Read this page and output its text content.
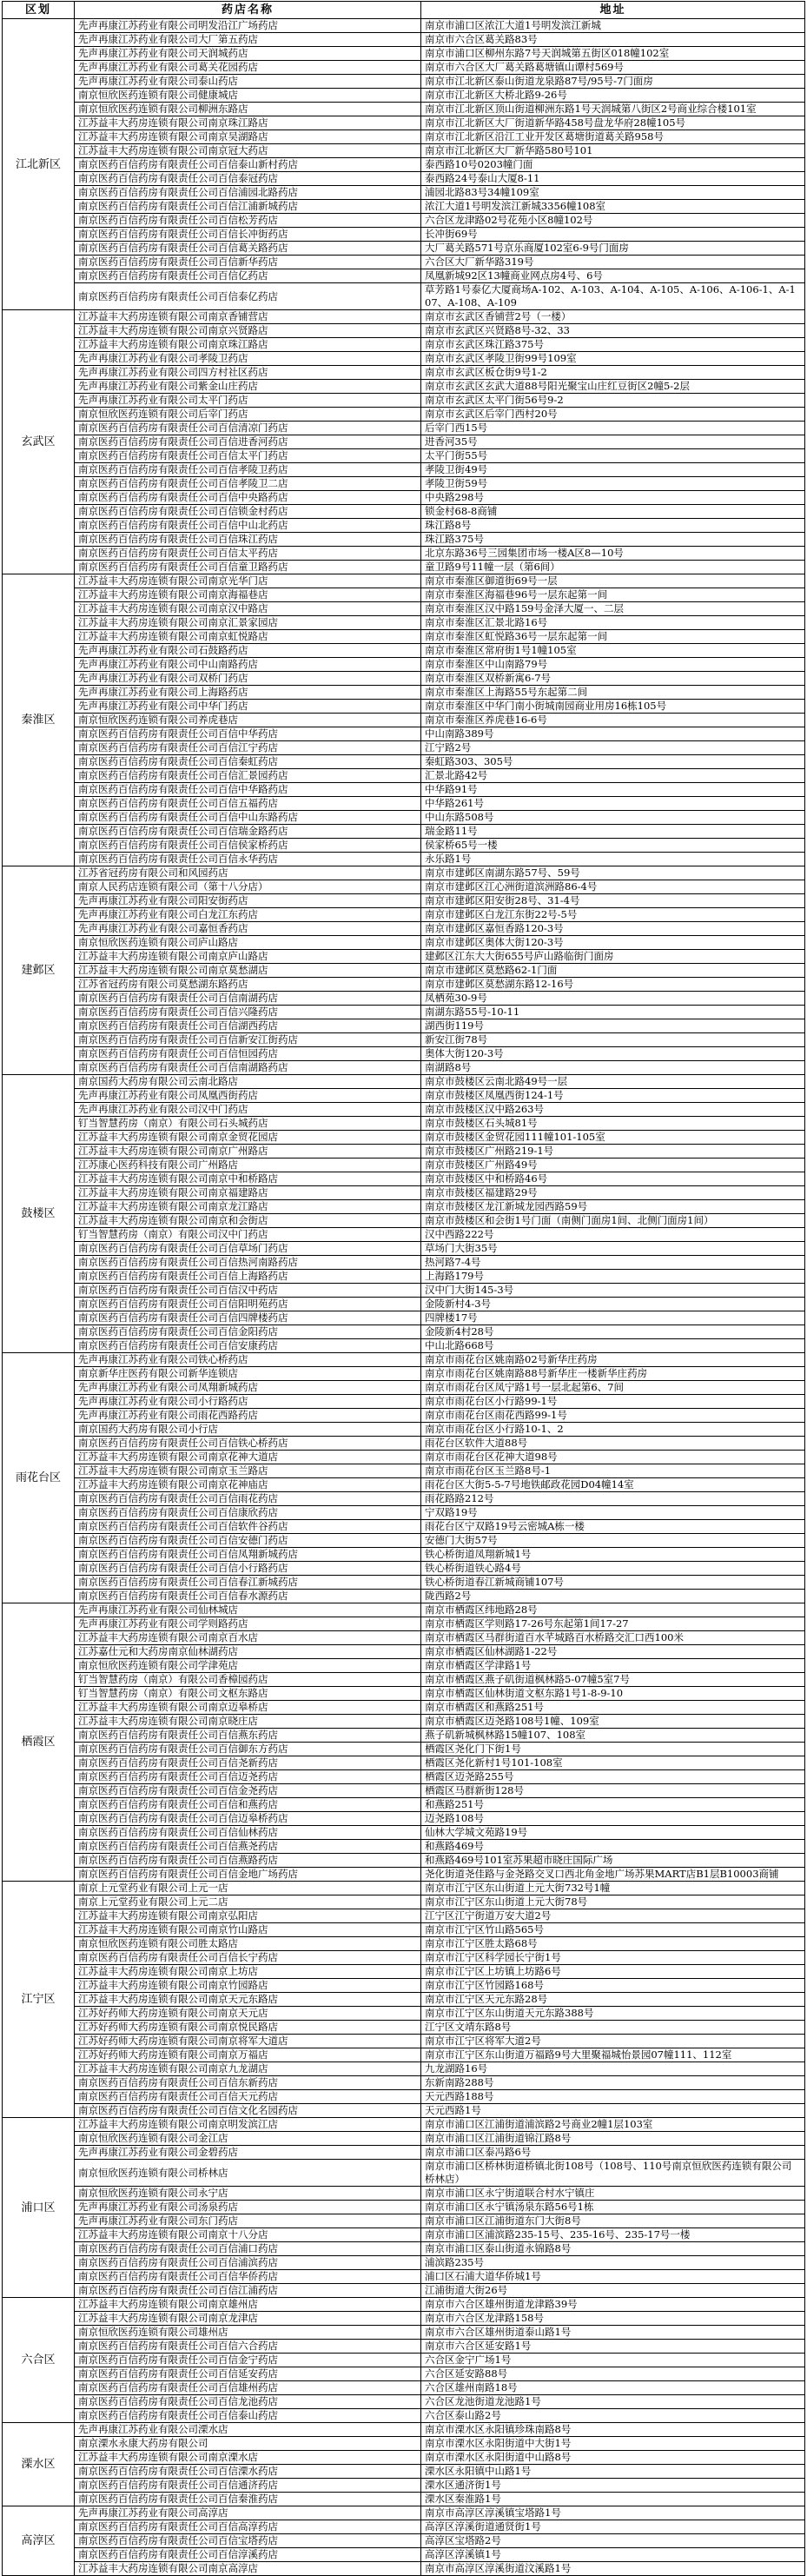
区划	药店名称	地址
江北新区	先声再康江苏药业有限公司明发沿江广场药店	南京市浦口区浓江大道1号明发滨江新城
	先声再康江苏药业有限公司大厂第五药店	南京市六合区葛关路83号
	先声再康江苏药业有限公司天润城药店	南京市浦口区柳州东路7号天润城第五街区018幢102室
	先声再康江苏药业有限公司葛关花园药店	南京市六合区大厂葛关路葛塘镇山谭村569号
	先声再康江苏药业有限公司泰山药店	南京市江北新区泰山街道龙泉路87号/95号-7门面房
	南京恒欣医药连锁有限公司健康城店	南京市江北新区大桥北路9-26号
	南京恒欣医药连锁有限公司柳洲东路店	南京市江北新区顶山街道柳洲东路1号天润城第八街区2号商业综合楼101室
	江苏益丰大药房连锁有限公司南京珠江路店	南京市江北新区大厂街道新华路458号盘龙华府28幢105号
	江苏益丰大药房连锁有限公司南京吴湖路店	南京市江北新区沿江工业开发区葛塘街道葛关路958号
	江苏益丰大药房连锁有限公司南京冠大药店	南京市江北新区大厂新华路580号101
	南京医药百信药房有限责任公司百信泰山新村药店	泰西路10号0203幢门面
	南京医药百信药房有限责任公司百信泰冠药店	泰西路24号泰山大厦8-11
	南京医药百信药房有限责任公司百信浦园北路药店	浦园北路83号34幢109室
	南京医药百信药房有限责任公司百信江浦新城药店	浓江大道1号明发滨江新城3356幢108室
	南京医药百信药房有限责任公司百信松芳药店	六合区龙津路02号花苑小区8幢102号
	南京医药百信药房有限责任公司百信长冲街药店	长冲街69号
	南京医药百信药房有限责任公司百信葛关路药店	大厂葛关路571号京乐商厦102室6-9号门面房
	南京医药百信药房有限责任公司百信新华药店	六合区大厂新华路319号
	南京医药百信药房有限责任公司百信亿药店	凤凰新城92区13幢商业网点房4号、6号
	南京医药百信药房有限责任公司百信泰亿药店	草芳路1号泰亿大厦商场A-102、A-103、A-104、A-105、A-106、A-106-1、A-107、A-108、A-109
玄武区	江苏益丰大药房连锁有限公司南京香铺营店	南京市玄武区香铺营2号（一楼）
	江苏益丰大药房连锁有限公司南京兴贤路店	南京市玄武区兴贤路8号-32、33
	江苏益丰大药房连锁有限公司南京珠江路店	南京市玄武区珠江路375号
	先声再康江苏药业有限公司孝陵卫药店	南京市玄武区孝陵卫街99号109室
	先声再康江苏药业有限公司四方村社区药店	南京市玄武区板仓街9号1-2
	先声再康江苏药业有限公司紫金山庄药店	南京市玄武区玄武大道88号阳光聚宝山庄红豆街区2幢5-2层
	先声再康江苏药业有限公司太平门药店	南京市玄武区太平门街56号9-2
	南京恒欣医药连锁有限公司后宰门药店	南京市玄武区后宰门西村20号
	南京医药百信药房有限责任公司百信清凉门药店	后宰门西15号
	南京医药百信药房有限责任公司百信进香河药店	进香河35号
	南京医药百信药房有限责任公司百信太平门药店	太平门街55号
	南京医药百信药房有限责任公司百信孝陵卫药店	孝陵卫街49号
	南京医药百信药房有限责任公司百信孝陵卫二店	孝陵卫街59号
	南京医药百信药房有限责任公司百信中央路药店	中央路298号
	南京医药百信药房有限责任公司百信锁金村药店	锁金村68-8商铺
	南京医药百信药房有限责任公司百信中山北药店	珠江路8号
	南京医药百信药房有限责任公司百信珠江药店	珠江路375号
	南京医药百信药房有限责任公司百信太平药店	北京东路36号三园集团市场一楼A区8—10号
	南京医药百信药房有限责任公司百信童卫路药店	童卫路9号11幢一层（第6间）
秦淮区	江苏益丰大药房连锁有限公司南京光华门店	南京市秦淮区御道街69号一层
	江苏益丰大药房连锁有限公司南京海福巷店	南京市秦淮区海福巷96号一层东起第一间
	江苏益丰大药房连锁有限公司南京汉中路店	南京市秦淮区汉中路159号金泽大厦一、二层
	江苏益丰大药房连锁有限公司南京汇景家园店	南京市秦淮区汇景北路16号
	江苏益丰大药房连锁有限公司南京虹悦路店	南京市秦淮区虹悦路36号一层东起第一间
	先声再康江苏药业有限公司石鼓路药店	南京市秦淮区常府街1号1幢105室
	先声再康江苏药业有限公司中山南路药店	南京市秦淮区中山南路79号
	先声再康江苏药业有限公司双桥门药店	南京市秦淮区双桥新寓6-7号
	先声再康江苏药业有限公司上海路药店	南京市秦淮区上海路55号东起第二间
	先声再康江苏药业有限公司中华门药店	南京市秦淮区中华门南小街城南园商业用房16栋105号
	南京恒欣医药连锁有限公司养虎巷店	南京市秦淮区养虎巷16-6号
	南京医药百信药房有限责任公司百信中华药店	中山南路389号
	南京医药百信药房有限责任公司百信江宁药店	江宁路2号
	南京医药百信药房有限责任公司百信秦虹药店	秦虹路303、305号
	南京医药百信药房有限责任公司百信汇景园药店	汇景北路42号
	南京医药百信药房有限责任公司百信中华路药店	中华路91号
	南京医药百信药房有限责任公司百信五福药店	中华路261号
	南京医药百信药房有限责任公司百信中山东路药店	中山东路508号
	南京医药百信药房有限责任公司百信瑞金路药店	瑞金路11号
	南京医药百信药房有限责任公司百信侯家桥药店	侯家桥65号一楼
	南京医药百信药房有限责任公司百信永华药店	永乐路1号
建邺区	江苏省冠药房有限公司和风园药店	南京市建邺区南湖东路57号、59号
	南京人民药店连锁有限公司（第十八分店）	南京市建邺区江心洲街道滨洲路86-4号
	先声再康江苏药业有限公司阳安街药店	南京市建邺区阳安街28号、31-4号
	先声再康江苏药业有限公司白龙江东药店	南京市建邺区白龙江东街22号-5号
	先声再康江苏药业有限公司嘉恒香药店	南京市建邺区嘉恒香路120-3号
	南京恒欣医药连锁有限公司庐山路店	南京市建邺区奥体大街120-3号
	江苏益丰大药房连锁有限公司南京庐山路店	建邺区江东大大街655号庐山路临街门面房
	江苏益丰大药房连锁有限公司南京莫愁湖店	南京市建邺区莫愁路62-1门面
	江苏省冠药房有限公司莫愁湖东路药店	南京市建邺区莫愁湖东路12-16号
	南京医药百信药房有限责任公司百信南湖药店	凤栖苑30-9号
	南京医药百信药房有限责任公司百信兴隆药店	南湖东路55号-10-11
	南京医药百信药房有限责任公司百信湖西药店	湖西街119号
	南京医药百信药房有限责任公司百信新安江街药店	新安江街78号
	南京医药百信药房有限责任公司百信恒园药店	奥体大街120-3号
	南京医药百信药房有限责任公司百信南湖路药店	南湖路8号
鼓楼区	南京国药大药房有限公司云南北路店	南京市鼓楼区云南北路49号一层
	先声再康江苏药业有限公司凤凰西街药店	南京市鼓楼区凤凰西街124-1号
	先声再康江苏药业有限公司汉中门药店	南京市鼓楼区汉中路263号
	钉当智慧药房（南京）有限公司石头城药店	南京市鼓楼区石头城81号
	江苏益丰大药房连锁有限公司南京金贸花园店	南京市鼓楼区金贸花园111幢101-105室
	江苏益丰大药房连锁有限公司南京广州路店	南京市鼓楼区广州路219-1号
	江苏康心医药科技有限公司广州路店	南京市鼓楼区广州路49号
	江苏益丰大药房连锁有限公司南京中和桥路店	南京市鼓楼区中和桥路46号
	江苏益丰大药房连锁有限公司南京福建路店	南京市鼓楼区福建路29号
	江苏益丰大药房连锁有限公司南京龙江路店	南京市鼓楼区龙江新城龙园西路59号
	江苏益丰大药房连锁有限公司南京和会街店	南京市鼓楼区和会街1号门面（南侧门面房1间、北侧门面房1间）
	钉当智慧药房（南京）有限公司汉中门药店	汉中西路222号
	南京医药百信药房有限责任公司百信草场门药店	草场门大街35号
	南京医药百信药房有限责任公司百信热河南路药店	热河路7-4号
	南京医药百信药房有限责任公司百信上海路药店	上海路179号
	南京医药百信药房有限责任公司百信汉中药店	汉中门大街145-3号
	南京医药百信药房有限责任公司百信阳明苑药店	金陵新村4-3号
	南京医药百信药房有限责任公司百信四牌楼药店	四牌楼17号
	南京医药百信药房有限责任公司百信金阳药店	金陵新4村28号
	南京医药百信药房有限责任公司百信安康药店	中山北路668号
雨花台区	先声再康江苏药业有限公司铁心桥药店	南京市雨花台区姚南路02号新华庄药房
	南京新华庄医药有限公司新华连锁店	南京市雨花台区姚南路88号新华庄一楼新华庄药房
	先声再康江苏药业有限公司凤翔新城药店	南京市雨花台区凤宁路1号一层北起第6、7间
	先声再康江苏药业有限公司小行路药店	南京市雨花台区小行路99-1号
	先声再康江苏药业有限公司雨花西路药店	南京市雨花台区雨花西路99-1号
	南京国药大药房有限公司小行店	南京市雨花台区小行路10-1、2
	南京医药百信药房有限责任公司百信铁心桥药店	雨花台区软件大道88号
	江苏益丰大药房连锁有限公司南京花神大道店	南京市雨花台区花神大道98号
	江苏益丰大药房连锁有限公司南京玉兰路店	南京市雨花台区玉兰路8号-1
	江苏益丰大药房连锁有限公司南京花神庙店	雨花台区大街5-5-7号地铁邮政花园D04幢14室
	南京医药百信药房有限责任公司百信雨花药店	雨花路路212号
	南京医药百信药房有限责任公司百信康欣药店	宁双路19号
	南京医药百信药房有限责任公司百信软件谷药店	雨花台区宁双路19号云密城A栋一楼
	南京医药百信药房有限责任公司百信安德门药店	安德门大街57号
	南京医药百信药房有限责任公司百信凤翔新城药店	铁心桥街道凤翔新城1号
	南京医药百信药房有限责任公司百信小行路药店	铁心桥街道铁心路4号
	南京医药百信药房有限责任公司百信春江新城药店	铁心桥街道春江新城商铺107号
	南京医药百信药房有限责任公司百信春水源药店	陇西路2号
栖霞区	先声再康江苏药业有限公司仙林城店	南京市栖霞区纬地路28号
	先声再康江苏药业有限公司学则路药店	南京市栖霞区学则路17-26号东起第1间17-27
	江苏益丰大药房连锁有限公司南京百水店	南京市栖霞区马群街道百水芊城路百水桥路交汇口西100米
	江苏嘉仕元和大药房南京仙林湖药店	南京市栖霞区仙林湖路1-22号
	南京恒欣医药连锁有限公司学津苑店	南京市栖霞区学津路1号
	钉当智慧药房（南京）有限公司香樟园药店	南京市栖霞区燕子矶街道枫林路5-07幢5室7号
	钉当智慧药房（南京）有限公司文枢东路店	南京市栖霞区仙林街道文枢东路1号1-8-9-10
	江苏益丰大药房连锁有限公司南京迈皋桥店	南京市栖霞区和燕路251号
	江苏益丰大药房连锁有限公司南京晓庄店	南京市栖霞区迈尧路108号1幢、109室
	南京医药百信药房有限责任公司百信燕东药店	燕子矶新城枫林路15幢107、108室
	南京医药百信药房有限责任公司百信御东方药店	栖霞区尧化门下街1号
	南京医药百信药房有限责任公司百信尧新药店	栖霞区尧化新村1号101-108室
	南京医药百信药房有限责任公司百信迈尧药店	栖霞区迈尧路255号
	南京医药百信药房有限责任公司百信金尧药店	栖霞区马群新街128号
	南京医药百信药房有限责任公司百信和燕药店	和燕路251号
	南京医药百信药房有限责任公司百信迈皋桥药店	迈尧路108号
	南京医药百信药房有限责任公司百信仙林药店	仙林大学城文苑路19号
	南京医药百信药房有限责任公司百信燕尧药店	和燕路469号
	南京医药百信药房有限责任公司百信燕路药店	和燕路469号101室苏果超市晓庄国际广场
	南京医药百信药房有限责任公司百信金地广场药店	尧化街道尧佳路与金尧路交叉口西北角金地广场苏果MART店B1层B10003商铺
江宁区	南京上元堂药业有限公司上元一店	南京市江宁区东山街道上元大街732号1幢
	南京上元堂药业有限公司上元二店	南京市江宁区东山街道上元大街78号
	江苏益丰大药房连锁有限公司南京弘阳店	江宁区江宁街道万安大道2号
	江苏益丰大药房连锁有限公司南京竹山路店	南京市江宁区竹山路565号
	南京恒欣医药连锁有限公司胜太路店	南京市江宁区胜太路68号
	南京医药百信药房有限责任公司百信长宁药店	南京市江宁区科学园长宁街1号
	江苏益丰大药房连锁有限公司南京上坊店	南京市江宁区上坊镇上坊路6号
	江苏益丰大药房连锁有限公司南京竹园路店	南京市江宁区竹园路168号
	江苏益丰大药房连锁有限公司南京天元东路店	南京市江宁区天元东路28号
	江苏好药师大药房连锁有限公司南京天元店	南京市江宁区东山街道天元东路388号
	江苏好药师大药房连锁有限公司南京悦民路店	江宁区文靖东路8号
	江苏好药师大药房连锁有限公司南京将军大道店	南京市江宁区将军大道2号
	江苏好药师大药房连锁有限公司南京万福店	南京市江宁区东山街道万福路9号大里聚福城怡景园07幢111、112室
	江苏益丰大药房连锁有限公司南京九龙湖店	九龙湖路16号
	南京医药百信药房有限责任公司百信东新药店	东新南路288号
	南京医药百信药房有限责任公司百信天元药店	天元西路188号
	南京医药百信药房有限责任公司百信文化名园药店	天元西路1号
浦口区	江苏益丰大药房连锁有限公司南京明发滨江店	南京市浦口区江浦街道浦滨路2号商业2幢1层103室
	南京恒欣医药连锁有限公司金江店	南京市浦口区江浦街道锦江路8号
	先声再康江苏药业有限公司金碧药店	南京市浦口区泰冯路6号
	南京恒欣医药连锁有限公司桥林店	南京市浦口区桥林街道桥镇北街108号（108号、110号南京恒欣医药连锁有限公司桥林店）
	南京恒欣医药连锁有限公司永宁店	南京市浦口区永宁街道联合村水宁镇庄
	先声再康江苏药业有限公司汤泉药店	南京市浦口区永宁镇汤泉东路56号1栋
	先声再康江苏药业有限公司东门药店	南京市浦口区江浦街道东门大街8号
	江苏益丰大药房连锁有限公司南京十八分店	南京市浦口区浦滨路235-15号、235-16号、235-17号一楼
	南京医药百信药房有限责任公司百信浦口药店	南京市浦口区泰山街道永锦路8号
	南京医药百信药房有限责任公司百信浦滨药店	浦滨路235号
	南京医药百信药房有限责任公司百信华侨药店	浦口区石浦大道华侨城1号
	南京医药百信药房有限责任公司百信江浦药店	江浦街道大街26号
六合区	江苏益丰大药房连锁有限公司南京雄州店	南京市六合区雄州街道龙津路39号
	江苏益丰大药房连锁有限公司南京龙津店	南京市六合区龙津路158号
	南京恒欣医药连锁有限公司雄州店	南京市六合区雄州街道泰山路1号
	南京医药百信药房有限责任公司百信六合药店	南京市六合区延安路1号
	南京医药百信药房有限责任公司百信金宁药店	六合区金宁广场1号
	南京医药百信药房有限责任公司百信延安药店	六合区延安路88号
	南京医药百信药房有限责任公司百信雄州药店	六合区雄州南路18号
	南京医药百信药房有限责任公司百信龙池药店	六合区龙池街道龙池路1号
	南京医药百信药房有限责任公司百信泰山药店	六合区泰山路2号
溧水区	先声再康江苏药业有限公司溧水店	南京市溧水区永阳镇珍珠南路8号
	南京溧水永康大药房有限公司	南京市溧水区永阳街道中大街1号
	江苏益丰大药房连锁有限公司南京溧水店	南京市溧水区永阳街道中山路8号
	南京医药百信药房有限责任公司百信溧水药店	溧水区永阳镇中山路1号
	南京医药百信药房有限责任公司百信通济药店	溧水区通济街1号
	南京医药百信药房有限责任公司百信秦淮药店	溧水区秦淮路1号
高淳区	先声再康江苏药业有限公司高淳店	南京市高淳区淳溪镇宝塔路1号
	南京医药百信药房有限责任公司百信高淳药店	高淳区淳溪街道通贤街1号
	南京医药百信药房有限责任公司百信宝塔药店	高淳区宝塔路2号
	南京医药百信药房有限责任公司百信淳溪药店	高淳区淳溪镇1号
	江苏益丰大药房连锁有限公司南京高淳店	南京市高淳区淳溪街道汶溪路1号
